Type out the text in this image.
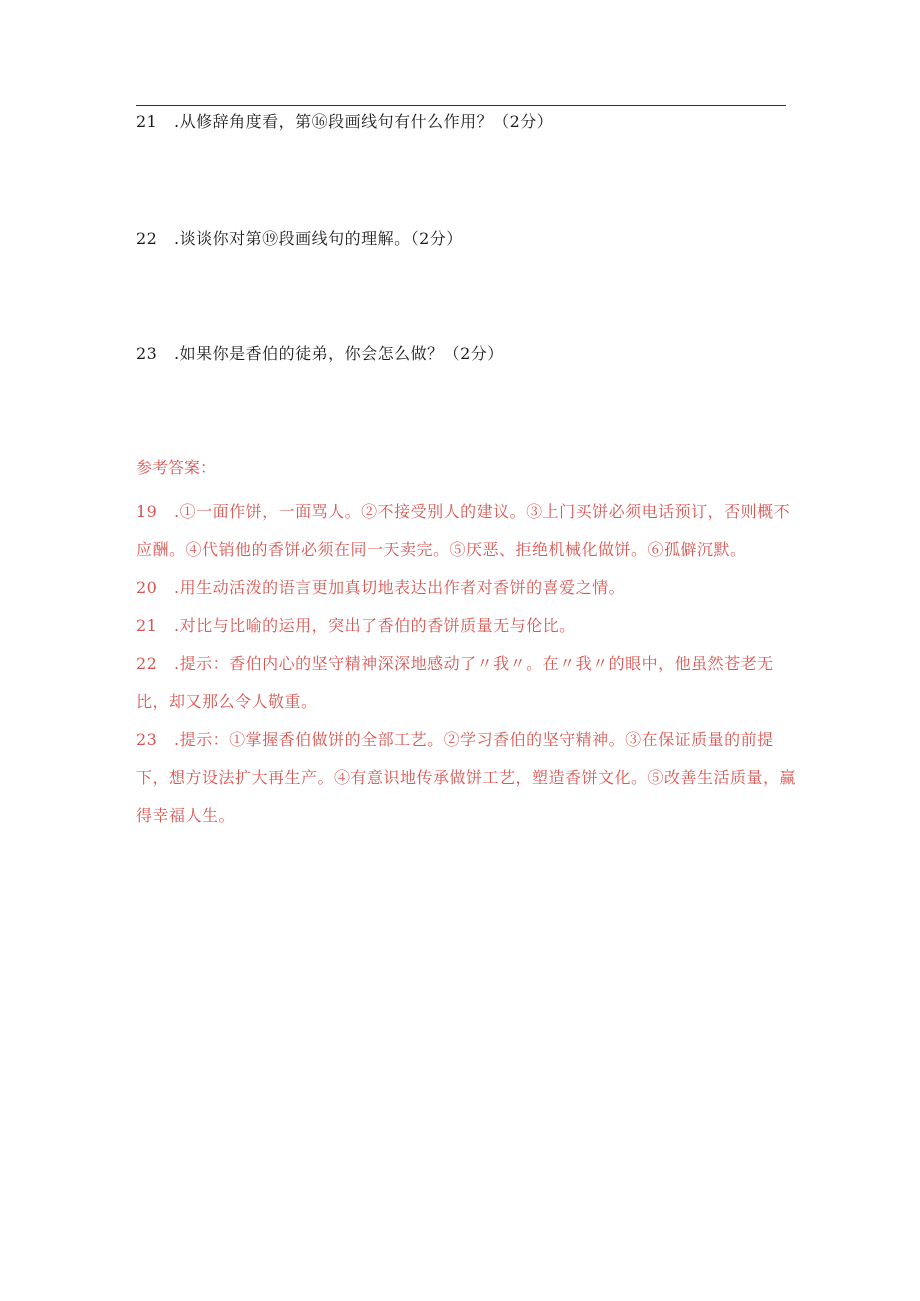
21 .从修辞角度看，第⑯段画线句有什么作用？（2分）
22 .谈谈你对第⑲段画线句的理解。（2分）
23 .如果你是香伯的徒弟，你会怎么做？（2分）
参考答案：
19 .①一面作饼，一面骂人。②不接受别人的建议。③上门买饼必须电话预订，否则概不应酬。④代销他的香饼必须在同一天卖完。⑤厌恶、拒绝机械化做饼。⑥孤僻沉默。
20 .用生动活泼的语言更加真切地表达出作者对香饼的喜爱之情。
21 .对比与比喻的运用，突出了香伯的香饼质量无与伦比。
22 .提示：香伯内心的坚守精神深深地感动了〃我〃。在〃我〃的眼中，他虽然苍老无比，却又那么令人敬重。
23 .提示：①掌握香伯做饼的全部工艺。②学习香伯的坚守精神。③在保证质量的前提下，想方设法扩大再生产。④有意识地传承做饼工艺，塑造香饼文化。⑤改善生活质量，赢得幸福人生。
